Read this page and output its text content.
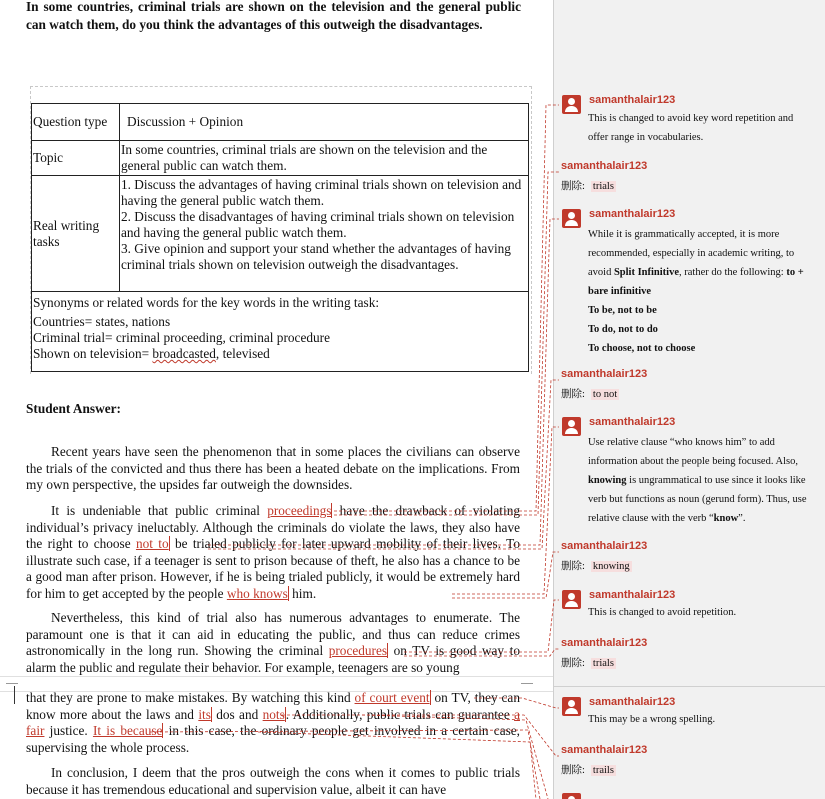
In some countries, criminal trials are shown on the television and the general public can watch them, do you think the advantages of this outweigh the disadvantages.
Question type	Discussion + Opinion
Topic	In some countries, criminal trials are shown on the television and the general public can watch them.
Real writing tasks	1. Discuss the advantages of having criminal trials shown on television and having the general public watch them.
2. Discuss the disadvantages of having criminal trials shown on television and having the general public watch them.
3. Give opinion and support your stand whether the advantages of having criminal trials shown on television outweigh the disadvantages.

Synonyms or related words for the key words in the writing task:
Countries= states, nations
Criminal trial= criminal proceeding, criminal procedure
Shown on television= broadcasted, televised	
Student Answer:
Recent years have seen the phenomenon that in some places the civilians can observe the trials of the convicted and thus there has been a heated debate on the implications. From my own perspective, the upsides far outweigh the downsides.
It is undeniable that public criminal proceedings have the drawback of violating individual’s privacy ineluctably. Although the criminals do violate the laws, they also have the right to choose not to be trialed publicly for later upward mobility of their lives. To illustrate such case, if a teenager is sent to prison because of theft, he also has a chance to be a good man after prison. However, if he is being trialed publicly, it would be extremely hard for him to get accepted by the people who knows him.
Nevertheless, this kind of trial also has numerous advantages to enumerate. The paramount one is that it can aid in educating the public, and thus can reduce crimes astronomically in the long run. Showing the criminal procedures on TV is good way to alarm the public and regulate their behavior. For example, teenagers are so young
that they are prone to make mistakes. By watching this kind of court event on TV, they can know more about the laws and its dos and nots. Additionally, public trials can guarantee a fair justice. It is because in this case, the ordinary people get involved in a certain case, supervising the whole process.
In conclusion, I deem that the pros outweigh the cons when it comes to public trials because it has tremendous educational and supervision value, albeit it can have
samanthalair123
This is changed to avoid key word repetition and offer range in vocabularies.
samanthalair123
删除: trials
samanthalair123
While it is grammatically accepted, it is more recommended, especially in academic writing, to avoid Split Infinitive, rather do the following: to + bare infinitive
To be, not to be
To do, not to do
To choose, not to choose
samanthalair123
删除: to not
samanthalair123
Use relative clause “who knows him” to add information about the people being focused. Also, knowing is ungrammatical to use since it looks like verb but functions as noun (gerund form). Thus, use relative clause with the verb “know”.
samanthalair123
删除: knowing
samanthalair123
This is changed to avoid repetition.
samanthalair123
删除: trials
samanthalair123
This may be a wrong spelling.
samanthalair123
删除: trails
